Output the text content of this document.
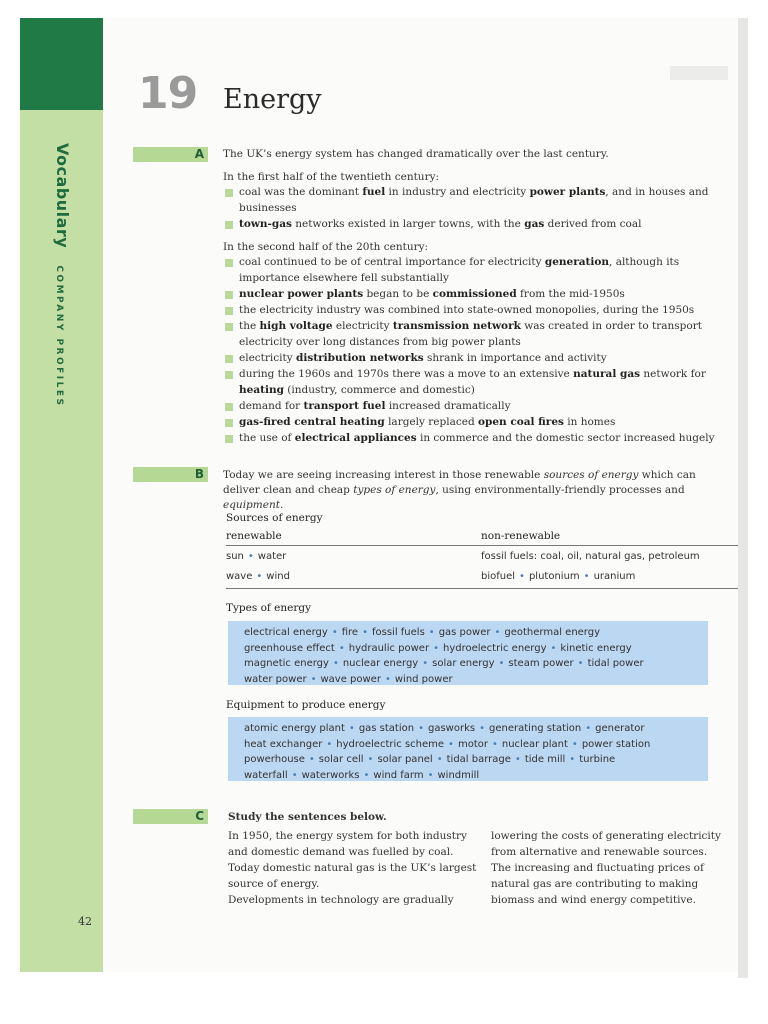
Vocabulary COMPANY PROFILES
42
19 Energy
A The UK’s energy system has changed dramatically over the last century.
In the first half of the twentieth century:
coal was the dominant fuel in industry and electricity power plants, and in houses and businesses
town-gas networks existed in larger towns, with the gas derived from coal
In the second half of the 20th century:
coal continued to be of central importance for electricity generation, although its importance elsewhere fell substantially
nuclear power plants began to be commissioned from the mid-1950s
the electricity industry was combined into state-owned monopolies, during the 1950s
the high voltage electricity transmission network was created in order to transport electricity over long distances from big power plants
electricity distribution networks shrank in importance and activity
during the 1960s and 1970s there was a move to an extensive natural gas network for heating (industry, commerce and domestic)
demand for transport fuel increased dramatically
gas-fired central heating largely replaced open coal fires in homes
the use of electrical appliances in commerce and the domestic sector increased hugely
B Today we are seeing increasing interest in those renewable sources of energy which can deliver clean and cheap types of energy, using environmentally-friendly processes and equipment.
Sources of energy
renewable	non-renewable
sun • water	fossil fuels: coal, oil, natural gas, petroleum
wave • wind	biofuel • plutonium • uranium
Types of energy
electrical energy • fire • fossil fuels • gas power • geothermal energy
greenhouse effect • hydraulic power • hydroelectric energy • kinetic energy
magnetic energy • nuclear energy • solar energy • steam power • tidal power
water power • wave power • wind power
Equipment to produce energy
atomic energy plant • gas station • gasworks • generating station • generator
heat exchanger • hydroelectric scheme • motor • nuclear plant • power station
powerhouse • solar cell • solar panel • tidal barrage • tide mill • turbine
waterfall • waterworks • wind farm • windmill
C Study the sentences below.
In 1950, the energy system for both industry
and domestic demand was fuelled by coal.
Today domestic natural gas is the UK’s largest
source of energy.
Developments in technology are gradually
lowering the costs of generating electricity
from alternative and renewable sources.
The increasing and fluctuating prices of
natural gas are contributing to making
biomass and wind energy competitive.
